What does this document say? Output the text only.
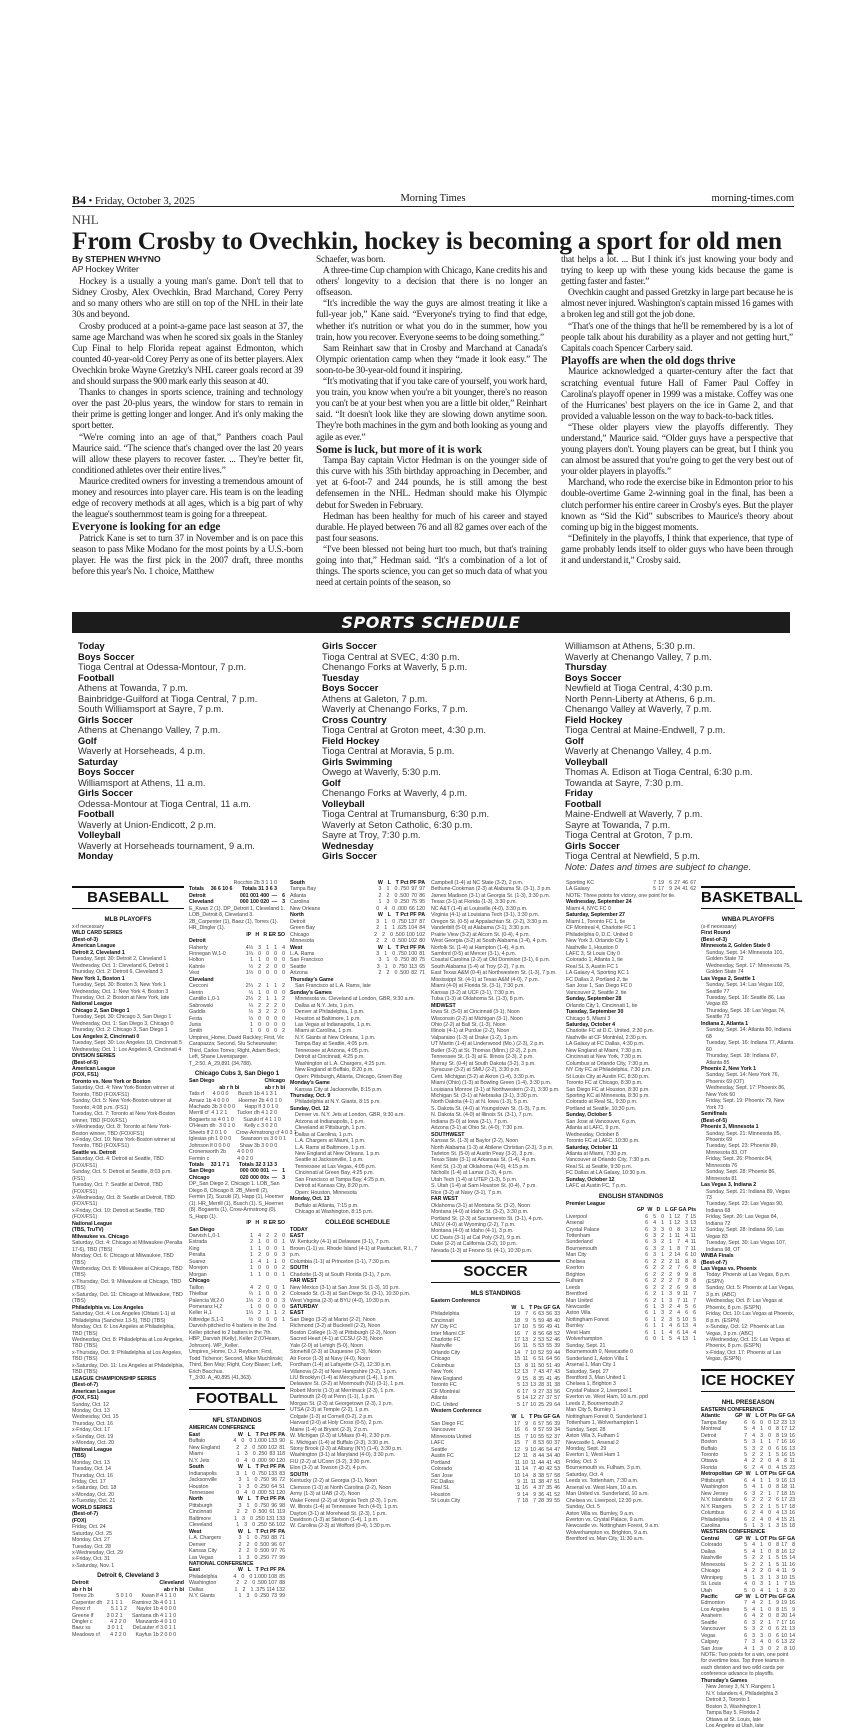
B4 • Friday, October 3, 2025	Morning Times	morning-times.com
NHL
From Crosby to Ovechkin, hockey is becoming a sport for old men
By STEPHEN WHYNO
AP Hockey Writer

Hockey is a usually a young man's game. Don't tell that to Sidney Crosby, Alex Ovechkin, Brad Marchand, Corey Perry and so many others who are still on top of the NHL in their late 30s and beyond.

Crosby produced at a point-a-game pace last season at 37, the same age Marchand was when he scored six goals in the Stanley Cup Final to help Florida repeat against Edmonton, which counted 40-year-old Corey Perry as one of its better players. Alex Ovechkin broke Wayne Gretzky's NHL career goals record at 39 and should surpass the 900 mark early this season at 40.

Thanks to changes in sports science, training and technology over the past 20-plus years, the window for stars to remain in their prime is getting longer and longer. And it's only making the sport better.

“We're coming into an age of that,” Panthers coach Paul Maurice said. “The science that's changed over the last 20 years will allow these players to recover faster. ... They're better fit, conditioned athletes over their entire lives.”

Maurice credited owners for investing a tremendous amount of money and resources into player care. His team is on the leading edge of recovery methods at all ages, which is a big part of why the league's southernmost team is going for a threepeat.

Everyone is looking for an edge

Patrick Kane is set to turn 37 in November and is on pace this season to pass Mike Modano for the most points by a U.S.-born player. He was the first pick in the 2007 draft, three months before this year's No. 1 choice, Matthew

Schaefer, was born.

A three-time Cup champion with Chicago, Kane credits his and others' longevity to a decision that there is no longer an offseason.

“It's incredible the way the guys are almost treating it like a full-year job,” Kane said. “Everyone's trying to find that edge, whether it's nutrition or what you do in the summer, how you train, how you recover. Everyone seems to be doing something.”

Sam Reinhart saw that in Crosby and Marchand at Canada's Olympic orientation camp when they “made it look easy.” The soon-to-be 30-year-old found it inspiring.

“It's motivating that if you take care of yourself, you work hard, you train, you know when you're a bit younger, there's no reason you can't be at your best when you are a little bit older,” Reinhart said. “It doesn't look like they are slowing down anytime soon. They're both machines in the gym and both looking as young and agile as ever.”

Some is luck, but more of it is work

Tampa Bay captain Victor Hedman is on the younger side of this curve with his 35th birthday approaching in December, and yet at 6-foot-7 and 244 pounds, he is still among the best defensemen in the NHL. Hedman should make his Olympic debut for Sweden in February.

Hedman has been healthy for much of his career and stayed durable. He played between 76 and all 82 games over each of the past four seasons.

“I've been blessed not being hurt too much, but that's training going into that,” Hedman said. “It's a combination of a lot of things. The sports science, you can get so much data of what you need at certain points of the season, so

that helps a lot. ... But I think it's just knowing your body and trying to keep up with these young kids because the game is getting faster and faster.”

Ovechkin caught and passed Gretzky in large part because he is almost never injured. Washington's captain missed 16 games with a broken leg and still got the job done.

“That's one of the things that he'll be remembered by is a lot of people talk about his durability as a player and not getting hurt,” Capitals coach Spencer Carbery said.

Playoffs are when the old dogs thrive

Maurice acknowledged a quarter-century after the fact that scratching eventual future Hall of Famer Paul Coffey in Carolina's playoff opener in 1999 was a mistake. Coffey was one of the Hurricanes' best players on the ice in Game 2, and that provided a valuable lesson on the way to back-to-back titles.

“These older players view the playoffs differently. They understand,” Maurice said. “Older guys have a perspective that young players don't. Young players can be great, but I think you can almost be assured that you're going to get the very best out of your older players in playoffs.”

Marchand, who rode the exercise bike in Edmonton prior to his double-overtime Game 2-winning goal in the final, has been a clutch performer his entire career in Crosby's eyes. But the player known as “Sid the Kid” subscribes to Maurice's theory about coming up big in the biggest moments.

“Definitely in the playoffs, I think that experience, that type of game probably lends itself to older guys who have been through it and understand it,” Crosby said.

SPORTS SCHEDULE
Today
Boys Soccer
Tioga Central at Odessa-Montour, 7 p.m.
Football
Athens at Towanda, 7 p.m.
Bainbridge-Guilford at Tioga Central, 7 p.m.
South Williamsport at Sayre, 7 p.m.
Girls Soccer
Athens at Chenango Valley, 7 p.m.
Golf
Waverly at Horseheads, 4 p.m.
Saturday
Boys Soccer
Williamsport at Athens, 11 a.m.
Girls Soccer
Odessa-Montour at Tioga Central, 11 a.m.
Football
Waverly at Union-Endicott, 2 p.m.
Volleyball
Waverly at Horseheads tournament, 9 a.m.
Monday
Girls Soccer
Tioga Central at SVEC, 4:30 p.m.
Chenango Forks at Waverly, 5 p.m.
Tuesday
Boys Soccer
Athens at Galeton, 7 p.m.
Waverly at Chenango Forks, 7 p.m.
Cross Country
Tioga Central at Groton meet, 4:30 p.m.
Field Hockey
Tioga Central at Moravia, 5 p.m.
Girls Swimming
Owego at Waverly, 5:30 p.m.
Golf
Chenango Forks at Waverly, 4 p.m.
Volleyball
Tioga Central at Trumansburg, 6:30 p.m.
Waverly at Seton Catholic, 6:30 p.m.
Sayre at Troy, 7:30 p.m.
Wednesday
Girls Soccer
Williamson at Athens, 5:30 p.m.
Waverly at Chenango Valley, 7 p.m.
Thursday
Boys Soccer
Newfield at Tioga Central, 4:30 p.m.
North Penn-Liberty at Athens, 6 p.m.
Chenango Valley at Waverly, 7 p.m.
Field Hockey
Tioga Central at Maine-Endwell, 7 p.m.
Golf
Waverly at Chenango Valley, 4 p.m.
Volleyball
Thomas A. Edison at Tioga Central, 6:30 p.m.
Towanda at Sayre, 7:30 p.m.
Friday
Football
Maine-Endwell at Waverly, 7 p.m.
Sayre at Towanda, 7 p.m.
Tioga Central at Groton, 7 p.m.
Girls Soccer
Tioga Central at Newfield, 5 p.m.
Note: Dates and times are subject to change.
BASEBALL
MLB PLAYOFFS
x-if necessary
WILD CARD SERIES
(Best-of-3)
American League
Detroit 2, Cleveland 1
Tuesday, Sept. 30: Detroit 2, Cleveland 1
Wednesday, Oct. 1: Cleveland 6, Detroit 1
Thursday, Oct. 2: Detroit 6, Cleveland 3
New York 1, Boston 1
Tuesday, Sept. 30: Boston 3, New York 1
Wednesday, Oct. 1: New York 4, Boston 3
Thursday, Oct. 2: Boston at New York, late
National League
Chicago 2, San Diego 1
Tuesday, Sept. 30: Chicago 3, San Diego 1
Wednesday, Oct. 1: San Diego 3, Chicago 0
Thursday, Oct. 2: Chicago 3, San Diego 1
Los Angeles 2, Cincinnati 0
Tuesday, Sept. 30: Los Angeles 10, Cincinnati 5
Wednesday, Oct. 1: Los Angeles 8, Cincinnati 4
DIVISION SERIES
(Best-of-5)
American League
(FOX, FS1)
Toronto vs. New York or Boston
Saturday, Oct. 4: New York-Boston winner at Toronto, TBD (FOX/FS1)
Sunday, Oct. 5: New York-Boston winner at Toronto, 4:08 p.m. (FS1)
Tuesday, Oct. 7: Toronto at New York-Boston winner, TBD (FOX/FS1)
x-Wednesday, Oct. 8: Toronto at New York-Boston winner, TBD (FOX/FS1)
x-Friday, Oct. 10: New York-Boston winner at Toronto, TBD (FOX/FS1)
Seattle vs. Detroit
Saturday, Oct. 4: Detroit at Seattle, TBD (FOX/FS1)
Sunday, Oct. 5: Detroit at Seattle, 8:03 p.m. (FS1)
Tuesday, Oct. 7: Seattle at Detroit, TBD (FOX/FS1)
x-Wednesday, Oct. 8: Seattle at Detroit, TBD (FOX/FS1)
x-Friday, Oct. 10: Detroit at Seattle, TBD (FOX/FS1)
National League
(TBS, TruTV)
Milwaukee vs. Chicago
Saturday, Oct. 4: Chicago at Milwaukee (Peralta 17-6), TBD (TBS)
Monday, Oct. 6: Chicago at Milwaukee, TBD (TBS)
Wednesday, Oct. 8: Milwaukee at Chicago, TBD (TBS)
x-Thursday, Oct. 9: Milwaukee at Chicago, TBD (TBS)
x-Saturday, Oct. 11: Chicago at Milwaukee, TBD (TBS)
Philadelphia vs. Los Angeles
Saturday, Oct. 4: Los Angeles (Ohtani 1-1) at Philadelphia (Sanchez 13-5), TBD (TBS)
Monday, Oct. 6: Los Angeles at Philadelphia, TBD (TBS)
Wednesday, Oct. 8: Philadelphia at Los Angeles, TBD (TBS)
x-Thursday, Oct. 9: Philadelphia at Los Angeles, TBD (TBS)
x-Saturday, Oct. 11: Los Angeles at Philadelphia, TBD (TBS)
LEAGUE CHAMPIONSHIP SERIES
(Best-of-7)
American League
(FOX, FS1)
Sunday, Oct. 12
Monday, Oct. 13
Wednesday, Oct. 15
Thursday, Oct. 16
x-Friday, Oct. 17
x-Sunday, Oct. 19
x-Monday, Oct. 20
National League
(TBS)
Monday, Oct. 13
Tuesday, Oct. 14
Thursday, Oct. 16
Friday, Oct. 17
x-Saturday, Oct. 18
x-Monday, Oct. 20
x-Tuesday, Oct. 21
WORLD SERIES
(Best-of-7)
(FOX)
Friday, Oct. 24
Saturday, Oct. 25
Monday, Oct. 27
Tuesday, Oct. 28
x-Wednesday, Oct. 29
x-Friday, Oct. 31
x-Saturday, Nov. 1
Detroit 6, Cleveland 3
Detroit	Cleveland
ab r h bi	ab r h bi
Torres 2b	5 0 1 0 Kwan lf 4 1 1 0
Carpenter dh 2 1 1 1 Ramirez 3b 4 0 1 1
Perez rf	5 1 1 2 Naylor 1b 4 0 0 0
Greene lf	3 0 2 1 Santana dh 4 1 1 0
Dingler c	4 2 2 0 Manzardo 4 0 1 0
Baez ss	3 0 1 1 DeLauter rf 3 0 1 1
Meadows cf	4 2 2 0 Kayfus 1b 2 0 0 0
Rocchio 2b 3 1 1 0
Totals	36 6 10 6 Totals 31 3 6 3
Detroit	001 001 400 — 6
Cleveland	000 100 020 — 3
E_Kwan 2 (1). DP_Detroit 1, Cleveland 1. LOB_Detroit 8, Cleveland 3. 2B_Carpenter (1), Baez (1), Torres (1). HR_Dingler (1).
IP H R ER SO
Detroit
Flaherty	4⅓ 3 1 1 4
Finnegan W,1-0	1⅔ 0 0 0 0
Holton	1 1 0 0 0
Kahnle	⅓ 2 2 0 0
Vest	1⅔ 0 0 0 0
Cleveland
Cecconi	2⅓ 2 1 1 2
Herrin	⅓ 1 0 0 0
Cantillo L,0-1	2⅓ 2 1 1 2
Sabrowski	⅓ 2 2 2 0
Gaddis	⅓ 3 2 2 0
Festa	⅓ 0 0 0 0
Junis	1 0 0 0 0
Smith	1 0 0 0 2
Umpires_Home, David Rackley; First, Vic Carapazza; Second, Stu Scheurwater; Third, Carlos Torres; Right, Adam Beck; Left, Shane Livensparger.
T_2:50. A_29,891 (34,788).
Chicago Cubs 3, San Diego 1
San Diego	Chicago
ab r h bi	ab r h bi
Tatis rf	4 0 0 0 Busch 1b 4 1 3 1
Arraez 1b 4 0 0 0 Hoerner 2b 4 0 1 0
Machado 3b 3 0 0 0 Happ lf 3 0 1 0
Merrill cf 4 1 2 1 Tucker dh 4 1 2 0
Bogaerts ss 4 0 1 0 Suzuki rf 4 1 1 0
O'Hearn dh 3 0 1 0 Kelly c 3 0 2 0
Sheets lf 2 0 1 0 Crow-Armstrong cf 4 0 3 1
Iglesias ph 1 0 0 0 Swanson ss 3 0 0 1
Johnson lf 0 0 0 0 Shaw 3b 3 0 0 0
Cronenworth 2b	4 0 0 0
Fermin c	4 0 2 0
Totals	33 1 7 1 Totals 32 3 13 3
San Diego	000 000 001 — 1
Chicago	020 000 00x — 3
DP_San Diego 2, Chicago 1. LOB_San Diego 8, Chicago 8. 2B_Merrill (2), Fermin (2), Suzuki (2), Happ (1), Hoerner (1). HR_Merrill (1), Busch (1). S_Hoerner (8). Bogaerts (1), Crow-Armstrong (0). S_Happ (1).
IP H R ER SO
San Diego
Darvish L,0-1	1 4 2 2 0
Estrada	2 1 0 0 1
King	1 1 0 0 1
Peralta	1 2 0 0 3
Suarez	1 4 1 1 0
Morejon	1 0 0 0 2
Morgan	1 1 0 0 1
Chicago
Taillon	4 2 0 0 1
Thielbar	⅔ 1 0 0 2
Palencia W,2-0	1⅓ 2 0 0 3
Pomeranz H,2	1 0 0 0 0
Keller H,1	1⅓ 2 1 1 2
Kittredge S,1-1	⅔ 0 0 0 1
Darvish pitched to 4 batters in the 2nd. Keller pitched to 2 batters in the 7th.
HBP_Darvish (Kelly), Keller 2 (O'Hearn, Johnson). WP_Keller.
Umpires_Home, D.J. Reyburn; First, Todd Tichenor; Second, Mike Muchlinski; Third, Ben May; Right, Cory Blaser; Left, Erich Bacchus.
T_3:00. A_40,895 (41,363).
FOOTBALL
NFL STANDINGS
AMERICAN CONFERENCE
East	W L T Pct PF PA
Buffalo	4 0 0 1.000 133 90
New England	2 2 0 .500 102 81
Miami	1 3 0 .250 83 118
N.Y. Jets	0 4 0 .000 90 120
South	W L T Pct PF PA
Indianapolis	3 1 0 .750 133 83
Jacksonville	3 1 0 .750 96 72
Houston	1 3 0 .250 64 51
Tennessee	0 4 0 .000 51 120
North	W L T Pct PF PA
Pittsburgh	3 1 0 .750 96 98
Cincinnati	2 2 0 .500 61 119
Baltimore	1 3 0 .250 131 133
Cleveland	1 3 0 .250 56 102
West	W L T Pct PF PA
L.A. Chargers	3 1 0 .750 88 71
Denver	2 2 0 .500 96 67
Kansas City	2 2 0 .500 97 76
Las Vegas	1 3 0 .250 77 99
NATIONAL CONFERENCE
East	W L T Pct PF PA
Philadelphia	4 0 0 1.000 108 85
Washington	2 2 0 .500 107 88
Dallas	1 2 1 .375 114 132
N.Y. Giants	1 3 0 .250 73 99
South	W L T Pct PF PA
Tampa Bay	3 1 0 .750 97 97
Atlanta	2 2 0 .500 70 86
Carolina	1 3 0 .250 75 95
New Orleans	0 4 0 .000 66 120
North	W L T Pct PF PA
Detroit	3 1 0 .750 137 87
Green Bay	2 1 1 .625 104 84
Chicago	2 2 0 .500 100 102
Minnesota	2 2 0 .500 102 80
West	W L T Pct PF PA
L.A. Rams	3 1 0 .750 100 81
San Francisco	3 1 0 .750 80 75
Seattle	3 1 0 .750 113 65
Arizona	2 2 0 .500 82 71
Thursday's Game
San Francisco at L.A. Rams, late
Sunday's Games
Minnesota vs. Cleveland at London, GBR, 9:30 a.m.
Dallas at N.Y. Jets, 1 p.m.
Denver at Philadelphia, 1 p.m.
Houston at Baltimore, 1 p.m.
Las Vegas at Indianapolis, 1 p.m.
Miami at Carolina, 1 p.m.
N.Y. Giants at New Orleans, 1 p.m.
Tampa Bay at Seattle, 4:05 p.m.
Tennessee at Arizona, 4:05 p.m.
Detroit at Cincinnati, 4:25 p.m.
Washington at L.A. Chargers, 4:25 p.m.
New England at Buffalo, 8:20 p.m.
Open: Pittsburgh, Atlanta, Chicago, Green Bay
Monday's Game
Kansas City at Jacksonville, 8:15 p.m.
Thursday, Oct. 9
Philadelphia at N.Y. Giants, 8:15 p.m.
Sunday, Oct. 12
Denver vs. N.Y. Jets at London, GBR, 9:30 a.m.
Arizona at Indianapolis, 1 p.m.
Cleveland at Pittsburgh, 1 p.m.
Dallas at Carolina, 1 p.m.
L.A. Chargers at Miami, 1 p.m.
L.A. Rams at Baltimore, 1 p.m.
New England at New Orleans, 1 p.m.
Seattle at Jacksonville, 1 p.m.
Tennessee at Las Vegas, 4:05 p.m.
Cincinnati at Green Bay, 4:25 p.m.
San Francisco at Tampa Bay, 4:25 p.m.
Detroit at Kansas City, 8:20 p.m.
Open: Houston, Minnesota
Monday, Oct. 13
Buffalo at Atlanta, 7:15 p.m.
Chicago at Washington, 8:15 p.m.
COLLEGE SCHEDULE
TODAY
EAST
W. Kentucky (4-1) at Delaware (3-1), 7 p.m.
Brown (1-1) vs. Rhode Island (4-1) at Pawtucket, R.I., 7 p.m.
Columbia (1-1) at Princeton (1-1), 7:30 p.m.
SOUTH
Charlotte (1-3) at South Florida (3-1), 7 p.m.
FAR WEST
New Mexico (3-1) at San Jose St. (1-3), 10 p.m.
Colorado St. (1-3) at San Diego St. (3-1), 10:30 p.m.
West Virginia (2-3) at BYU (4-0), 10:30 p.m.
SATURDAY
EAST
San Diego (3-2) at Marist (2-2), Noon
Richmond (3-2) at Bucknell (2-2), Noon
Boston College (1-3) at Pittsburgh (2-2), Noon
Sacred Heart (4-1) at CCSU (2-3), Noon
Yale (2-0) at Lehigh (5-0), Noon
Stonehill (2-3) at Duquesne (2-3), Noon
Air Force (1-3) at Navy (4-0), Noon
Fordham (1-4) at Lafayette (3-2), 12:30 p.m.
Villanova (2-2) at New Hampshire (3-2), 1 p.m.
LIU Brooklyn (1-4) at Mercyhurst (1-4), 1 p.m.
Delaware St. (3-2) at Monmouth (NJ) (3-1), 1 p.m.
Robert Morris (1-3) at Merrimack (2-3), 1 p.m.
Dartmouth (2-0) at Penn (1-1), 1 p.m.
Morgan St. (2-3) at Georgetown (2-3), 1 p.m.
UTSA (2-3) at Temple (2-2), 1 p.m.
Colgate (1-3) at Cornell (0-2), 2 p.m.
Harvard (2-0) at Holy Cross (0-5), 2 p.m.
Maine (1-4) at Bryant (2-3), 2 p.m.
W. Michigan (2-3) at UMass (0-4), 2:30 p.m.
E. Michigan (1-4) at Buffalo (2-3), 3:30 p.m.
Stony Brook (2-3) at Albany (NY) (1-4), 3:30 p.m.
Washington (3-1) at Maryland (4-0), 3:30 p.m.
FIU (2-2) at UConn (3-2), 3:30 p.m.
Elon (3-2) at Towson (3-2), 4 p.m.
SOUTH
Kentucky (2-2) at Georgia (3-1), Noon
Clemson (1-3) at North Carolina (2-2), Noon
Army (1-3) at UAB (2-2), Noon
Wake Forest (2-2) at Virginia Tech (2-3), 1 p.m.
W. Illinois (1-4) at Tennessee Tech (4-0), 1 p.m.
Dayton (3-1) at Morehead St. (2-3), 1 p.m.
Davidson (1-3) at Stetson (1-4), 1 p.m.
W. Carolina (2-3) at Wofford (0-4), 1:30 p.m.
Campbell (1-4) at NC State (3-2), 2 p.m.
Bethune-Cookman (2-3) at Alabama St. (3-1), 3 p.m.
James Madison (3-1) at Georgia St. (1-3), 3:30 p.m.
Texas (3-1) at Florida (1-3), 3:30 p.m.
NC A&T (1-4) at Louisville (4-0), 3:30 p.m.
Virginia (4-1) at Louisiana Tech (3-1), 3:30 p.m.
Oregon St. (0-5) at Appalachian St. (2-2), 3:30 p.m.
Vanderbilt (5-0) at Alabama (3-1), 3:30 p.m.
Prairie View (3-2) at Alcorn St. (0-4), 4 p.m.
West Georgia (3-2) at South Alabama (1-4), 4 p.m.
Norfolk St. (1-4) at Hampton (1-4), 4 p.m.
Samford (0-5) at Mercer (3-1), 4 p.m.
Coastal Carolina (2-2) at Old Dominion (3-1), 6 p.m.
South Alabama (1-4) at Troy (2-2), 7 p.m.
East Texas A&M (0-4) at Northwestern St. (1-3), 7 p.m.
Mississippi St. (4-1) at Texas A&M (4-0), 7 p.m.
Miami (4-0) at Florida St. (3-1), 7:30 p.m.
Kansas (3-2) at UCF (3-1), 7:30 p.m.
Tulsa (1-3) at Oklahoma St. (1-3), 8 p.m.
MIDWEST
Iowa St. (5-0) at Cincinnati (3-1), Noon
Wisconsin (2-2) at Michigan (3-1), Noon
Ohio (2-2) at Ball St. (1-3), Noon
Illinois (4-1) at Purdue (2-2), Noon
Valparaiso (1-3) at Drake (1-2), 1 p.m.
UT Martin (1-4) at Lindenwood (Mo.) (2-3), 2 p.m.
Butler (3-2) at St. Thomas (Minn.) (2-2), 2 p.m.
Tennessee St. (1-3) at E. Illinois (2-3), 2 p.m.
Murray St. (0-4) at South Dakota (3-2), 3 p.m.
Syracuse (3-2) at SMU (2-2), 3:30 p.m.
Cent. Michigan (3-2) at Akron (1-4), 3:30 p.m.
Miami (Ohio) (1-3) at Bowling Green (1-4), 3:30 p.m.
Louisiana Monroe (3-1) at Northwestern (2-2), 3:30 p.m.
Michigan St. (3-1) at Nebraska (3-1), 3:30 p.m.
North Dakota (4-1) at N. Iowa (1-3), 5 p.m.
S. Dakota St. (4-0) at Youngstown St. (1-3), 7 p.m.
N. Dakota St. (4-0) at Illinois St. (3-1), 7 p.m.
Indiana (5-0) at Iowa (3-1), 7 p.m.
Arizona (3-1) at Ohio St. (4-0), 7:30 p.m.
SOUTHWEST
Kansas St. (1-3) at Baylor (2-2), Noon
North Alabama (1-3) at Abilene Christian (2-3), 3 p.m.
Tarleton St. (5-0) at Austin Peay (3-2), 3 p.m.
Texas State (3-1) at Arkansas St. (1-4), 4 p.m.
Kent St. (1-3) at Oklahoma (4-0), 4:15 p.m.
Nicholls (1-4) at Lamar (1-3), 4 p.m.
Utah Tech (1-4) at UTEP (1-3), 5 p.m.
S. Utah (1-4) at Sam Houston St. (0-4), 7 p.m.
Rice (3-2) at Navy (3-1), 7 p.m.
FAR WEST
Oklahoma (3-1) at Montana St. (3-2), Noon
Montana (4-0) at Idaho St. (3-2), 3:30 p.m.
Portland St. (2-3) at Sacramento St. (3-1), 4 p.m.
UNLV (4-0) at Wyoming (2-2), 7 p.m.
Montana (4-0) at Idaho (4-1), 3 p.m.
UC Davis (3-1) at Cal Poly (3-2), 9 p.m.
Duke (2-2) at California (3-2), 10 p.m.
Nevada (1-3) at Fresno St. (4-1), 10:30 p.m.
SOCCER
MLS STANDINGS
Eastern Conference
W L T Pts GF GA
Philadelphia	19 7 6 63 56 33
Cincinnati	18 9 5 59 48 40
NY City FC	17 10 5 56 49 41
Inter Miami CF	16 7 8 56 68 52
Charlotte FC	17 13 2 53 52 46
Nashville	16 11 5 53 55 39
Orlando City	14 7 10 52 59 44
Chicago	15 11 6 51 64 56
Columbus	13 8 11 50 51 49
New York	12 13 7 43 47 43
New England	9 15 8 35 41 45
Toronto FC	5 13 13 28 31 38
CF Montréal	6 17 9 27 33 56
Atlanta	5 14 12 27 37 57
D.C. United	5 17 10 25 29 64
Western Conference
W L T Pts GF GA
San Diego FC	17 9 6 57 56 39
Vancouver	16 6 9 57 59 34
Minnesota United	15 7 10 55 52 37
LAFC	15 7 8 53 60 37
Seattle	12 9 10 46 54 47
Austin FC	12 11 8 44 34 40
Portland	11 10 11 44 41 43
Colorado	11 14 7 40 42 53
San Jose	10 14 8 38 57 58
FC Dallas	9 11 11 38 47 51
Real SL	11 16 4 37 35 46
Houston	9 14 9 36 41 52
St Louis City	7 18 7 28 39 55
Sporting KC	7 19 6 27 46 67
LA Galaxy	5 17 9 24 41 62
NOTE: Three points for victory, one point for tie.
Wednesday, September 24
Miami 4, NYC FC 0
Saturday, September 27
Miami 1, Toronto FC 1, tie
CF Montreal 4, Charlotte FC 1
Philadelphia 0, D.C. United 0
New York 3, Orlando City 1
Nashville 1, Houston 0
LAFC 3, St Louis City 0
Colorado 1, Atlanta 1, tie
Real SL 3, Austin FC 1
LA Galaxy 4, Sporting KC 1
FC Dallas 2, Portland 2, tie
San Jose 1, San Diego FC 0
Vancouver 2, Seattle 2, tie
Sunday, September 28
Orlando City 1, Cincinnati 1, tie
Tuesday, September 30
Chicago 5, Miami 3
Saturday, October 4
Charlotte FC at D.C. United, 2:30 p.m.
Nashville at CF Montréal, 2:30 p.m.
LA Galaxy at FC Dallas, 4:30 p.m.
New England at Miami, 7:30 p.m.
Cincinnati at New York, 7:30 p.m.
Columbus at Orlando City, 7:30 p.m.
NY City FC at Philadelphia, 7:30 p.m.
St Louis City at Austin FC, 8:30 p.m.
Toronto FC at Chicago, 8:30 p.m.
San Diego FC at Houston, 8:30 p.m.
Sporting KC at Minnesota, 8:30 p.m.
Colorado at Real SL, 9:30 p.m.
Portland at Seattle, 10:30 p.m.
Sunday, October 5
San Jose at Vancouver, 6 p.m.
Atlanta at LAFC, 9 p.m.
Wednesday, October 8
Toronto FC at LAFC, 10:30 p.m.
Saturday, October 11
Atlanta at Miami, 7:30 p.m.
Vancouver at Orlando City, 7:30 p.m.
Real SL at Seattle, 9:30 p.m.
FC Dallas at LA Galaxy, 10:30 p.m.
Sunday, October 12
LAFC at Austin FC, 7 p.m.
ENGLISH STANDINGS
Premier League
GP W D L GF GA Pts
Liverpool	6 5 0 1 12 7 15
Arsenal	6 4 1 1 12 3 13
Crystal Palace	6 3 3 0 8 3 12
Tottenham	6 3 2 1 11 4 11
Sunderland	6 3 2 1 7 4 11
Bournemouth	6 3 2 1 8 7 11
Man City	6 3 1 2 14 6 10
Chelsea	6 2 2 2 11 8 8
Everton	6 2 2 2 7 6 8
Brighton	6 2 2 2 9 9 8
Fulham	6 2 2 2 7 8 8
Leeds	6 2 2 2 6 9 8
Brentford	6 2 1 3 9 11 7
Man United	6 2 1 3 7 11 7
Newcastle	6 1 3 2 4 5 6
Aston Villa	6 1 3 2 4 6 6
Nottingham Forest	6 1 2 3 5 10 5
Burnley	6 1 1 4 6 13 4
West Ham	6 1 1 4 6 14 4
Wolverhampton	6 0 1 5 4 13 1
Sunday, Sept. 21
Bournemouth 0, Newcastle 0
Sunderland 1, Aston Villa 1
Arsenal 1, Man City 1
Saturday, Sept. 27
Brentford 3, Man United 1
Chelsea 1, Brighton 3
Crystal Palace 2, Liverpool 1
Everton vs. West Ham, 10 a.m. ppd
Leeds 2, Bournemouth 2
Man City 5, Burnley 1
Nottingham Forest 0, Sunderland 1
Tottenham 1, Wolverhampton 1
Sunday, Sept. 28
Aston Villa 3, Fulham 1
Newcastle 1, Arsenal 2
Monday, Sept. 29
Everton 1, West Ham 1
Friday, Oct. 3
Bournemouth vs. Fulham, 3 p.m.
Saturday, Oct. 4
Leeds vs. Tottenham, 7:30 a.m.
Arsenal vs. West Ham, 10 a.m.
Man United vs. Sunderland, 10 a.m.
Chelsea vs. Liverpool, 12:30 p.m.
Sunday, Oct. 5
Aston Villa vs. Burnley, 9 a.m.
Everton vs. Crystal Palace, 9 a.m.
Newcastle vs. Nottingham Forest, 9 a.m.
Wolverhampton vs. Brighton, 9 a.m.
Brentford vs. Man City, 11:30 a.m.
BASKETBALL
WNBA PLAYOFFS
(x-if necessary)
First Round
(Best-of-3)
Minnesota 2, Golden State 0
Sunday, Sept. 14: Minnesota 101, Golden State 72
Wednesday, Sept. 17: Minnesota 75, Golden State 74
Las Vegas 2, Seattle 1
Sunday, Sept. 14: Las Vegas 102, Seattle 77
Tuesday, Sept. 16: Seattle 86, Las Vegas 83
Thursday, Sept. 18: Las Vegas 74, Seattle 73
Indiana 2, Atlanta 1
Sunday, Sept. 14: Atlanta 80, Indiana 68
Tuesday, Sept. 16: Indiana 77, Atlanta 60
Thursday, Sept. 18: Indiana 87, Atlanta 85
Phoenix 2, New York 1
Sunday, Sept. 14: New York 76, Phoenix 69 (OT)
Wednesday, Sept. 17: Phoenix 86, New York 60
Friday, Sept. 19: Phoenix 79, New York 73
Semifinals
(Best-of-5)
Phoenix 3, Minnesota 1
Sunday, Sept. 21: Minnesota 85, Phoenix 69
Tuesday, Sept. 23: Phoenix 89, Minnesota 83, OT
Friday, Sept. 26: Phoenix 84, Minnesota 76
Sunday, Sept. 28: Phoenix 86, Minnesota 81
Las Vegas 3, Indiana 2
Sunday, Sept. 21: Indiana 89, Vegas 73
Tuesday, Sept. 23: Las Vegas 90, Indiana 68
Friday, Sept. 26: Las Vegas 84, Indiana 72
Sunday, Sept. 28: Indiana 90, Las Vegas 83
Tuesday, Sept. 30: Las Vegas 107, Indiana 98, OT
WNBA Finals
(Best-of-7)
Las Vegas vs. Phoenix
Today: Phoenix at Las Vegas, 8 p.m. (ESPN)
Sunday, Oct. 5: Phoenix at Las Vegas, 3 p.m. (ABC)
Wednesday, Oct. 8: Las Vegas at Phoenix, 8 p.m. (ESPN)
Friday, Oct. 10: Las Vegas at Phoenix, 8 p.m. (ESPN)
x-Sunday, Oct. 12: Phoenix at Las Vegas, 3 p.m. (ABC)
x-Wednesday, Oct. 15: Las Vegas at Phoenix, 8 p.m. (ESPN)
x-Friday, Oct. 17: Phoenix at Las Vegas, (ESPN)
ICE HOCKEY
NHL PRESEASON
EASTERN CONFERENCE
Atlantic	GP W L OT Pts GF GA
Tampa Bay	6 6 0 0 12 23 13
Montreal	5 4 1 0 8 17 12
Detroit	7 4 3 0 8 19 16
Boston	5 3 1 1 7 16 16
Buffalo	5 3 2 0 6 16 13
Toronto	5 2 2 1 5 16 15
Ottawa	4 2 2 0 4 8 11
Florida	6 2 4 0 4 15 23
Metropolitan GP W L OT Pts GF GA
Pittsburgh	6 4 1 1 9 16 13
Washington	5 4 1 0 8 18 11
New Jersey	6 3 2 1 7 18 15
N.Y. Islanders	6 2 2 2 6 17 23
N.Y. Rangers	5 2 2 1 5 17 18
Columbus	6 2 4 0 4 13 16
Philadelphia	6 2 4 0 4 15 21
Carolina	5 1 3 1 3 15 18
WESTERN CONFERENCE
Central	GP W L OT Pts GF GA
Colorado	5 4 1 0 8 17 8
Dallas	5 4 1 0 8 16 12
Nashville	5 2 2 1 5 15 14
Minnesota	5 2 2 1 5 11 16
Chicago	4 2 2 0 4 11 9
Winnipeg	5 1 3 1 3 10 15
St. Louis	4 0 3 1 1 7 15
Utah	5 0 4 1 1 8 20
Pacific	GP W L OT Pts GF GA
Edmonton	7 4 2 1 9 19 16
Los Angeles	5 4 1 0 8 15 9
Anaheim	6 4 2 0 8 20 14
Seattle	6 3 2 1 7 17 16
Vancouver	5 3 2 0 6 21 13
Vegas	6 3 3 0 6 10 14
Calgary	7 3 4 0 6 13 22
San Jose	4 1 3 0 2 8 10
NOTE: Two points for a win, one point for overtime loss. Top three teams in each division and two wild cards per conference advance to playoffs.
Thursday's Games
New Jersey 3, N.Y. Rangers 1
N.Y. Islanders 4, Philadelphia 3
Detroit 3, Toronto 1
Boston 3, Washington 1
Tampa Bay 5, Florida 2
Ottawa at St. Louis, late
Los Angeles at Utah, late
